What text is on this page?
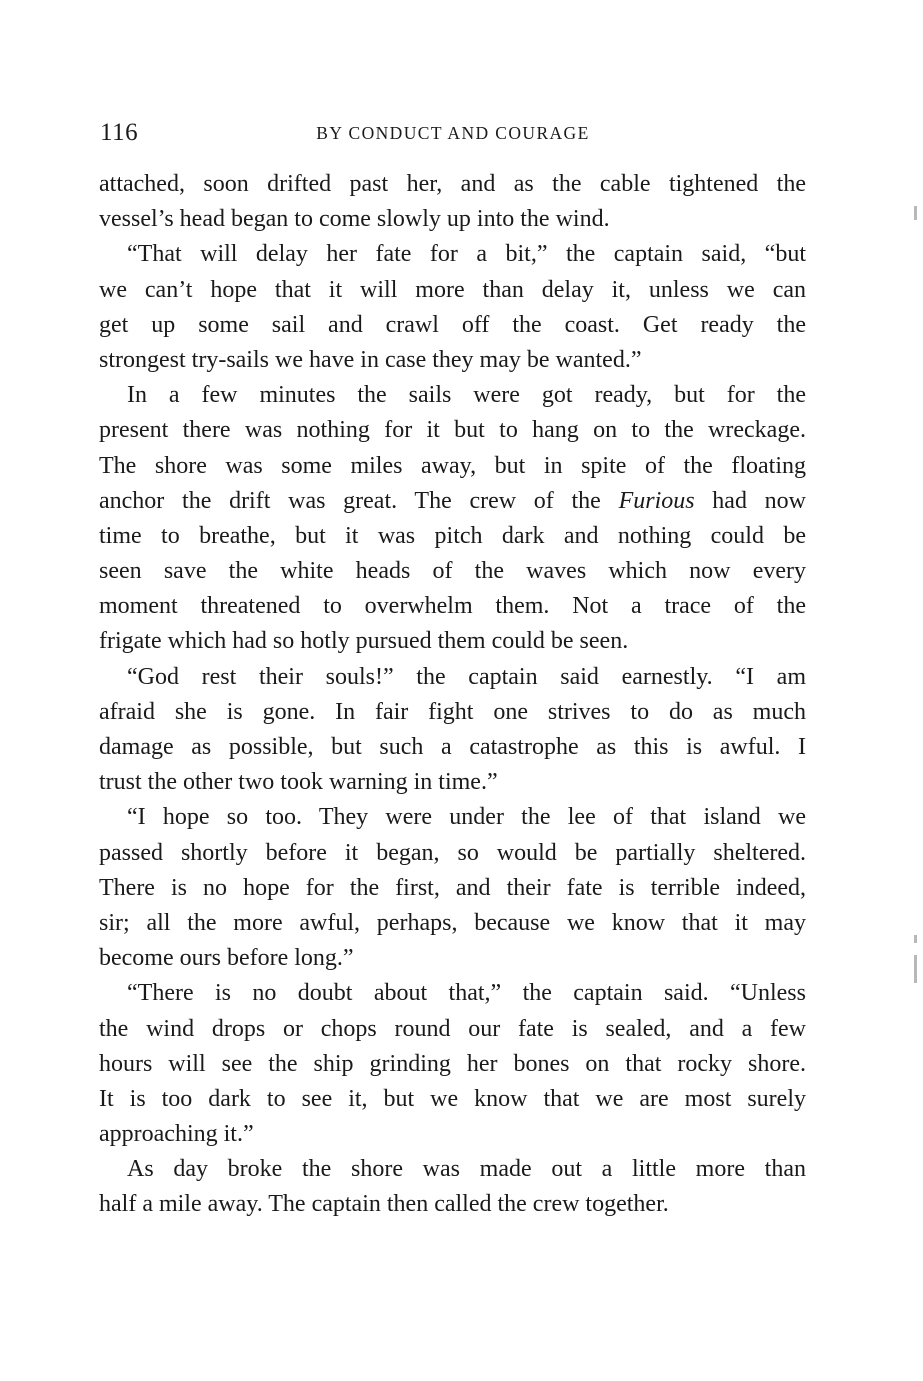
116	BY CONDUCT AND COURAGE
attached, soon drifted past her, and as the cable tightened the
vessel’s head began to come slowly up into the wind.
“That will delay her fate for a bit,” the captain said, “but
we can’t hope that it will more than delay it, unless we can
get up some sail and crawl off the coast. Get ready the
strongest try-sails we have in case they may be wanted.”
In a few minutes the sails were got ready, but for the
present there was nothing for it but to hang on to the wreckage.
The shore was some miles away, but in spite of the floating
anchor the drift was great. The crew of the Furious had now
time to breathe, but it was pitch dark and nothing could be
seen save the white heads of the waves which now every
moment threatened to overwhelm them. Not a trace of the
frigate which had so hotly pursued them could be seen.
“God rest their souls!” the captain said earnestly. “I am
afraid she is gone. In fair fight one strives to do as much
damage as possible, but such a catastrophe as this is awful. I
trust the other two took warning in time.”
“I hope so too. They were under the lee of that island we
passed shortly before it began, so would be partially sheltered.
There is no hope for the first, and their fate is terrible indeed,
sir; all the more awful, perhaps, because we know that it may
become ours before long.”
“There is no doubt about that,” the captain said. “Unless
the wind drops or chops round our fate is sealed, and a few
hours will see the ship grinding her bones on that rocky shore.
It is too dark to see it, but we know that we are most surely
approaching it.”
As day broke the shore was made out a little more than
half a mile away. The captain then called the crew together.
